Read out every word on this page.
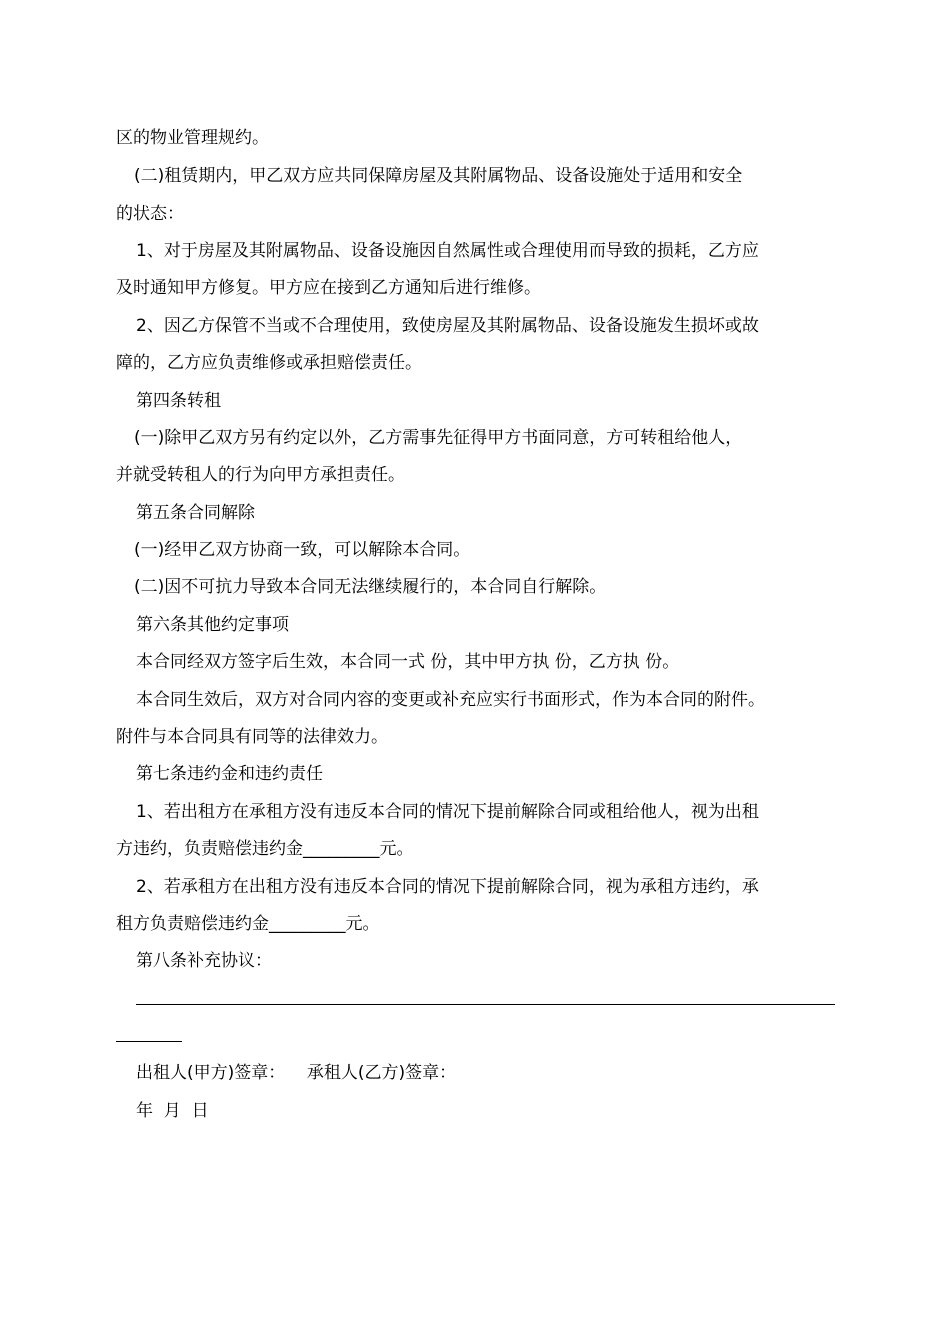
区的物业管理规约。
(二)租赁期内，甲乙双方应共同保障房屋及其附属物品、设备设施处于适用和安全
的状态：
1、对于房屋及其附属物品、设备设施因自然属性或合理使用而导致的损耗，乙方应
及时通知甲方修复。甲方应在接到乙方通知后进行维修。
2、因乙方保管不当或不合理使用，致使房屋及其附属物品、设备设施发生损坏或故
障的，乙方应负责维修或承担赔偿责任。
第四条转租
(一)除甲乙双方另有约定以外，乙方需事先征得甲方书面同意，方可转租给他人，
并就受转租人的行为向甲方承担责任。
第五条合同解除
(一)经甲乙双方协商一致，可以解除本合同。
(二)因不可抗力导致本合同无法继续履行的，本合同自行解除。
第六条其他约定事项
本合同经双方签字后生效，本合同一式 份，其中甲方执 份，乙方执 份。
本合同生效后，双方对合同内容的变更或补充应实行书面形式，作为本合同的附件。
附件与本合同具有同等的法律效力。
第七条违约金和违约责任
1、若出租方在承租方没有违反本合同的情况下提前解除合同或租给他人，视为出租
方违约，负责赔偿违约金_________元。
2、若承租方在出租方没有违反本合同的情况下提前解除合同，视为承租方违约，承
租方负责赔偿违约金_________元。
第八条补充协议：
出租人(甲方)签章：    承租人(乙方)签章：
年  月  日
